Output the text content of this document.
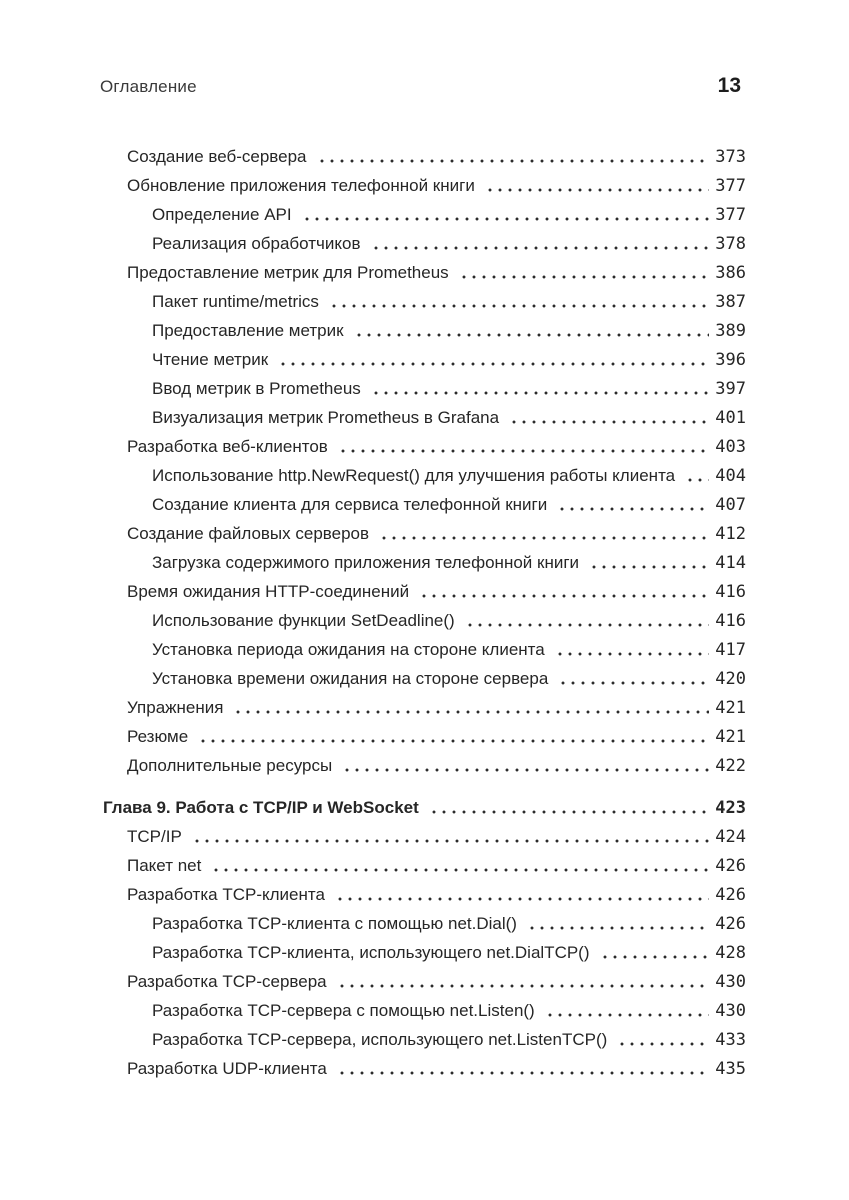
Оглавление	13
Создание веб-сервера	373
Обновление приложения телефонной книги	377
Определение API	377
Реализация обработчиков	378
Предоставление метрик для Prometheus	386
Пакет runtime/metrics	387
Предоставление метрик	389
Чтение метрик	396
Ввод метрик в Prometheus	397
Визуализация метрик Prometheus в Grafana	401
Разработка веб-клиентов	403
Использование http.NewRequest() для улучшения работы клиента 404
Создание клиента для сервиса телефонной книги	407
Создание файловых серверов	412
Загрузка содержимого приложения телефонной книги	414
Время ожидания HTTP-соединений	416
Использование функции SetDeadline()	416
Установка периода ожидания на стороне клиента	417
Установка времени ожидания на стороне сервера	420
Упражнения	421
Резюме	421
Дополнительные ресурсы	422
Глава 9. Работа с TCP/IP и WebSocket	423
TCP/IP	424
Пакет net	426
Разработка TCP-клиента	426
Разработка TCP-клиента с помощью net.Dial()	426
Разработка TCP-клиента, использующего net.DialTCP()	428
Разработка TCP-сервера	430
Разработка TCP-сервера с помощью net.Listen()	430
Разработка TCP-сервера, использующего net.ListenTCP()	433
Разработка UDP-клиента	435
